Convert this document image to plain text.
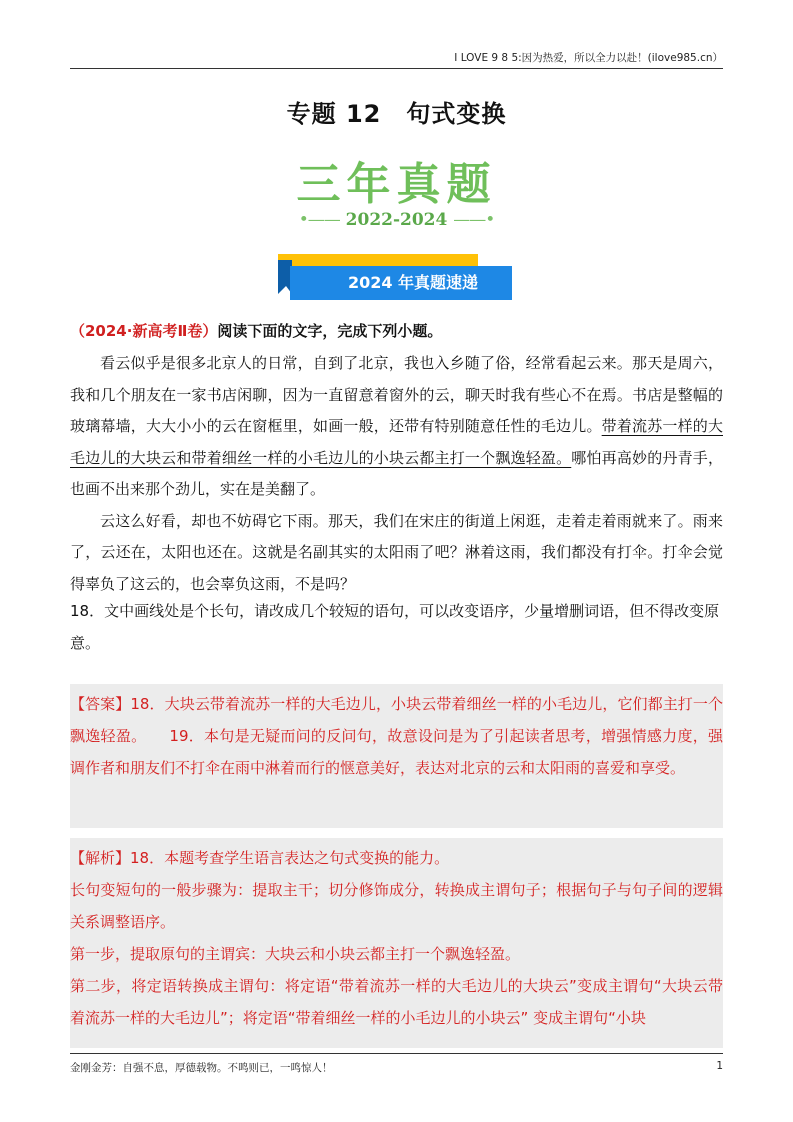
I LOVE 9 8 5:因为热爱，所以全力以赴！(ilove985.cn）
专题 12　句式变换
三年真题
•—— 2022-2024 ——•
2024 年真题速递
（2024·新高考Ⅱ卷）阅读下面的文字，完成下列小题。

看云似乎是很多北京人的日常，自到了北京，我也入乡随了俗，经常看起云来。那天是周六，我和几个朋友在一家书店闲聊，因为一直留意着窗外的云，聊天时我有些心不在焉。书店是整幅的玻璃幕墙，大大小小的云在窗框里，如画一般，还带有特别随意任性的毛边儿。带着流苏一样的大毛边儿的大块云和带着细丝一样的小毛边儿的小块云都主打一个飘逸轻盈。哪怕再高妙的丹青手，也画不出来那个劲儿，实在是美翻了。

云这么好看，却也不妨碍它下雨。那天，我们在宋庄的街道上闲逛，走着走着雨就来了。雨来了，云还在，太阳也还在。这就是名副其实的太阳雨了吧？淋着这雨，我们都没有打伞。打伞会觉得辜负了这云的，也会辜负这雨，不是吗？

18．文中画线处是个长句，请改成几个较短的语句，可以改变语序，少量增删词语，但不得改变原意。

【答案】18．大块云带着流苏一样的大毛边儿，小块云带着细丝一样的小毛边儿，它们都主打一个飘逸轻盈。　　19．本句是无疑而问的反问句，故意设问是为了引起读者思考，增强情感力度，强调作者和朋友们不打伞在雨中淋着而行的惬意美好，表达对北京的云和太阳雨的喜爱和享受。

【解析】18．本题考查学生语言表达之句式变换的能力。

长句变短句的一般步骤为：提取主干；切分修饰成分，转换成主谓句子；根据句子与句子间的逻辑关系调整语序。

第一步，提取原句的主谓宾：大块云和小块云都主打一个飘逸轻盈。

第二步，将定语转换成主谓句：将定语“带着流苏一样的大毛边儿的大块云”变成主谓句“大块云带着流苏一样的大毛边儿”；将定语“带着细丝一样的小毛边儿的小块云” 变成主谓句“小块

金刚金芳：自强不息，厚德载物。不鸣则已，一鸣惊人！	1
